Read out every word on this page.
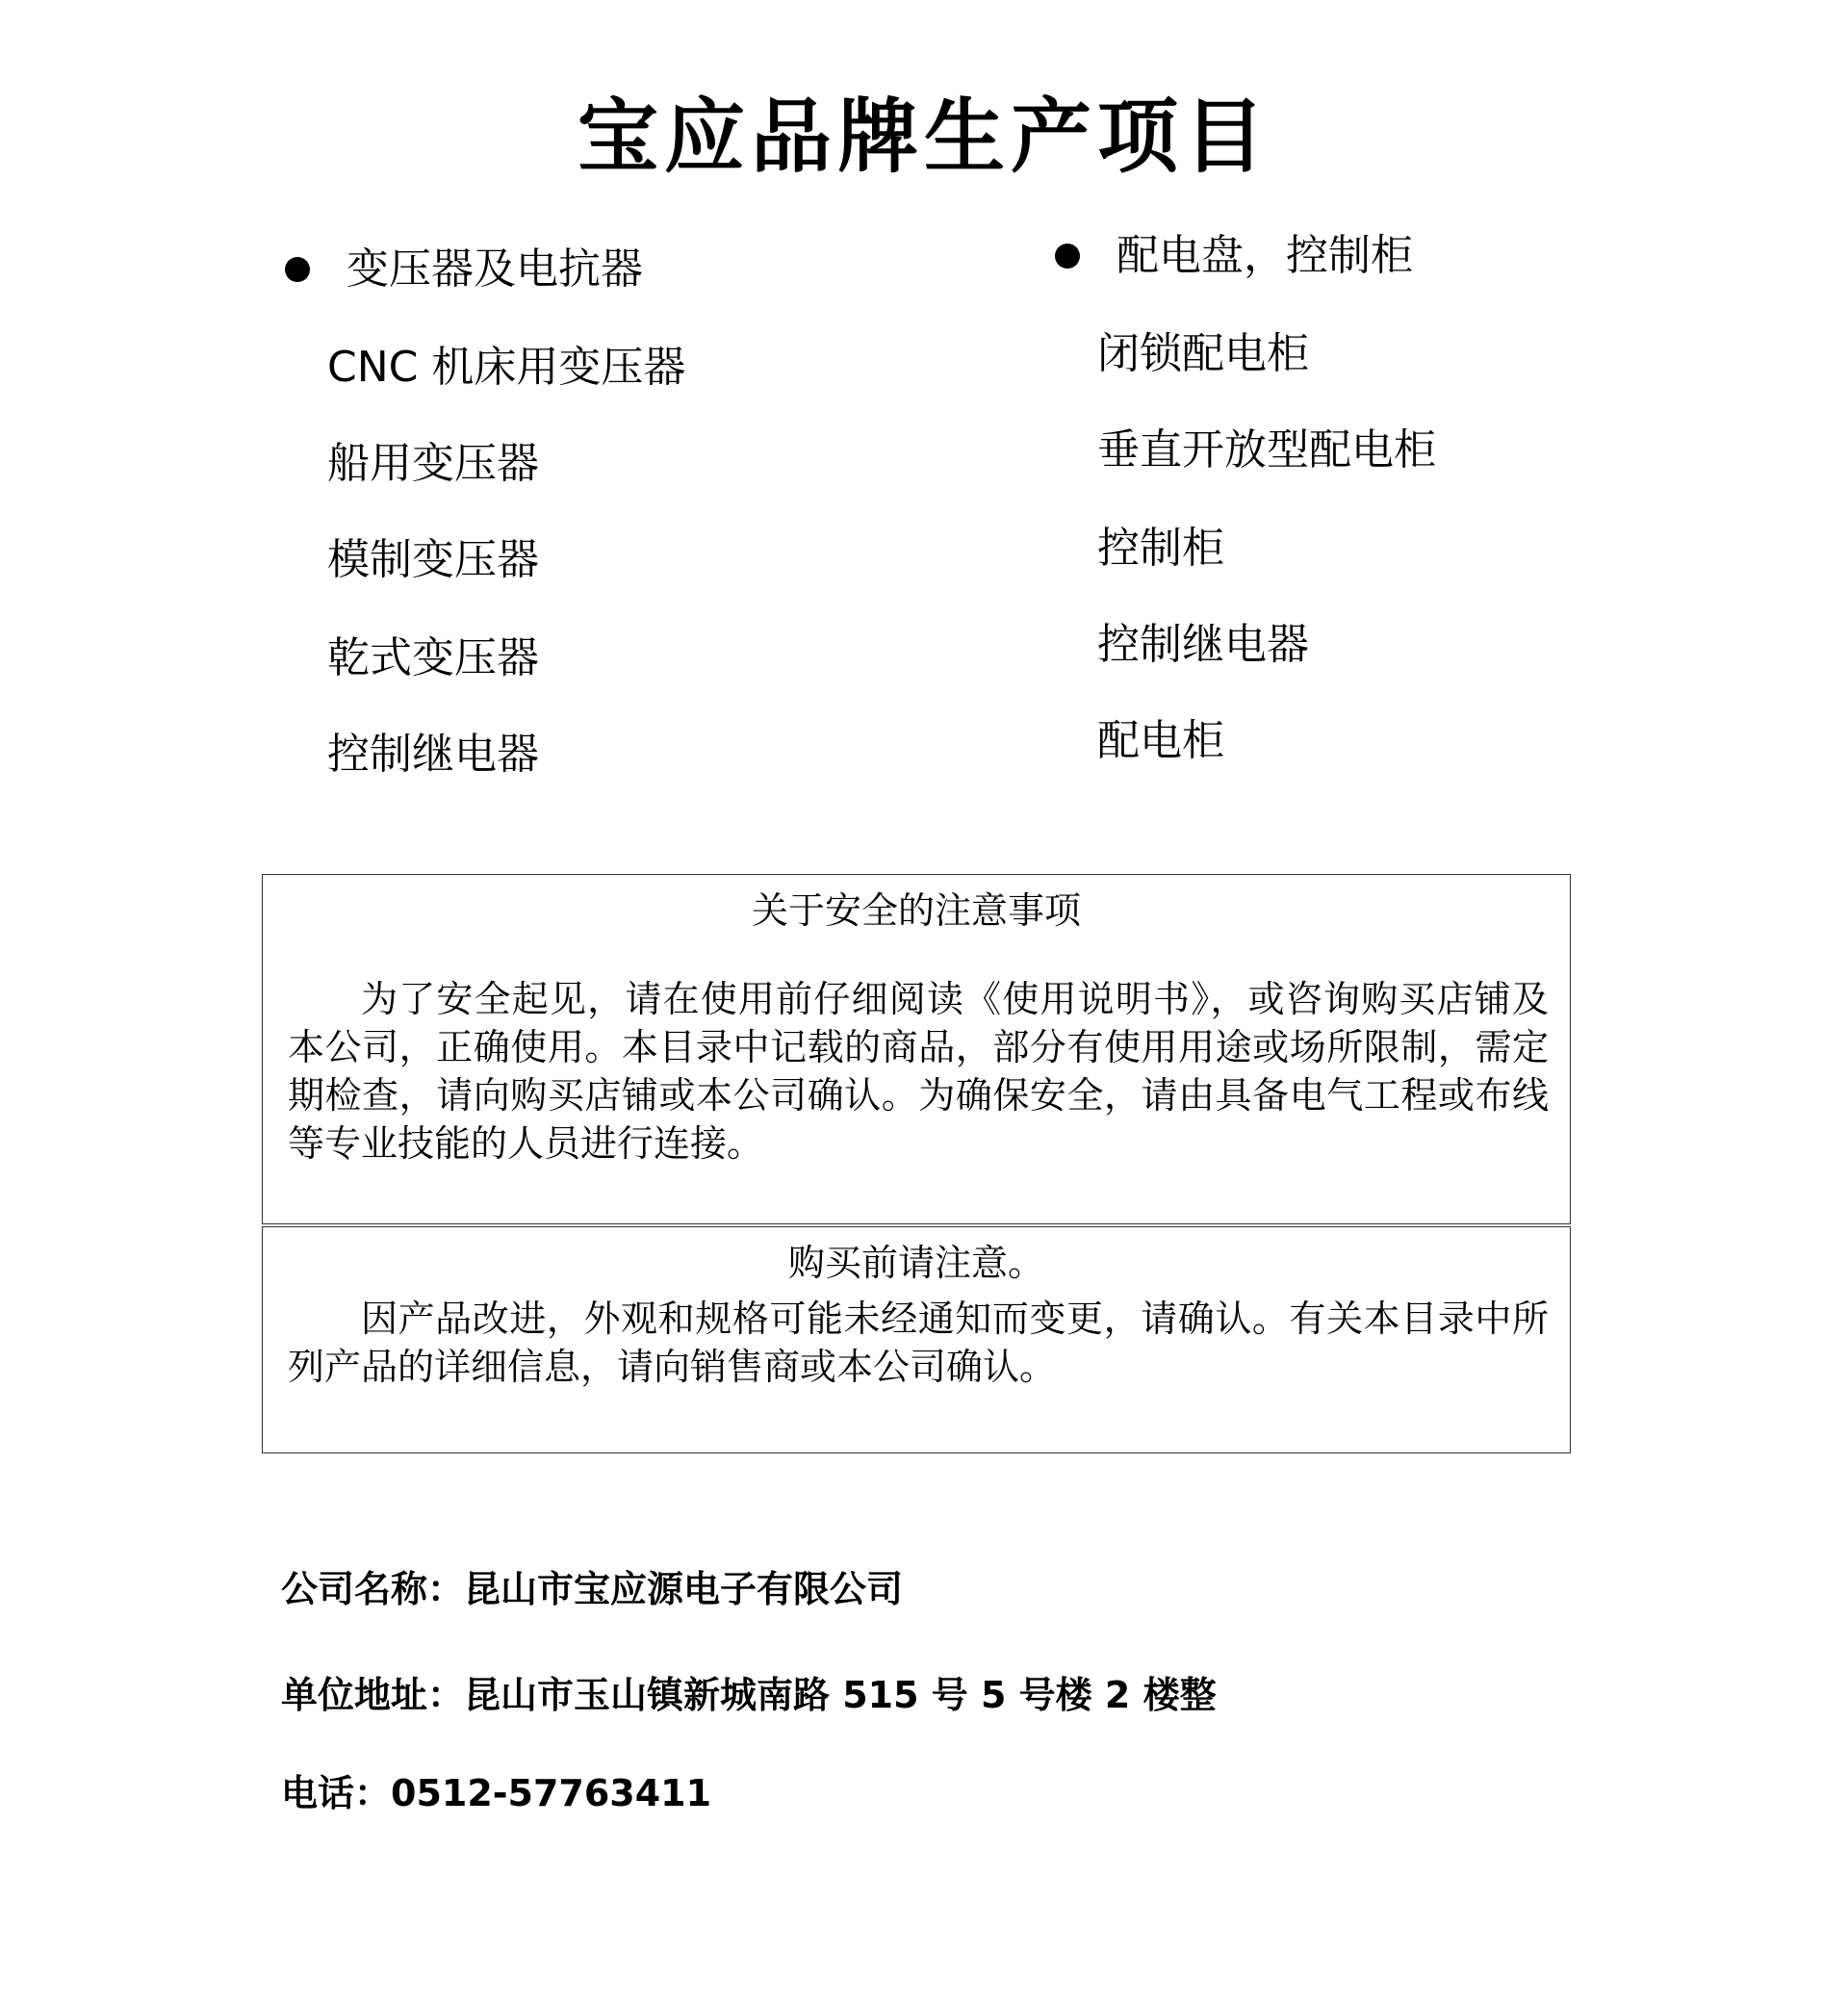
宝应品牌生产项目
变压器及电抗器
CNC 机床用变压器
船用变压器
模制变压器
乾式变压器
控制继电器
配电盘，控制柜
闭锁配电柜
垂直开放型配电柜
控制柜
控制继电器
配电柜
关于安全的注意事项
为了安全起见，请在使用前仔细阅读《使用说明书》，或咨询购买店铺及本公司，正确使用。本目录中记载的商品，部分有使用用途或场所限制，需定期检查，请向购买店铺或本公司确认。为确保安全，请由具备电气工程或布线等专业技能的人员进行连接。
购买前请注意。
因产品改进，外观和规格可能未经通知而变更，请确认。有关本目录中所列产品的详细信息，请向销售商或本公司确认。
公司名称：昆山市宝应源电子有限公司
单位地址：昆山市玉山镇新城南路 515 号 5 号楼 2 楼整
电话：0512-57763411
